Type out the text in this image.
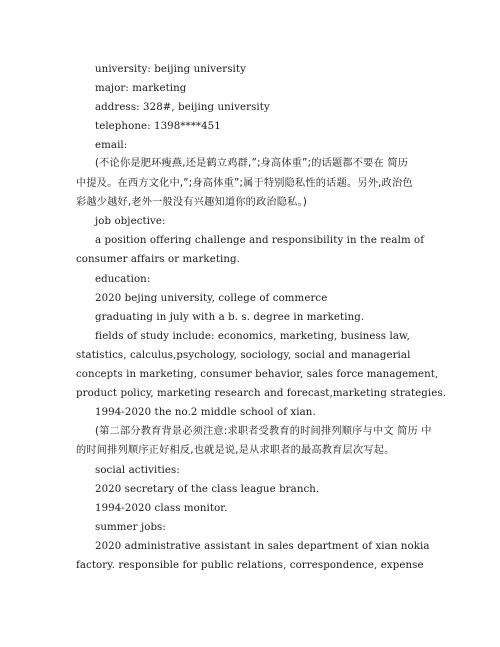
university: beijing university
major: marketing
address: 328#, beijing university
telephone: 1398****451
email:
(不论你是肥环瘦燕,还是鹤立鸡群,”;身高体重”;的话题都不要在 简历
中提及。在西方文化中,”;身高体重”;属于特别隐私性的话题。另外,政治色
彩越少越好,老外一般没有兴趣知道你的政治隐私。)
job objective:
a position offering challenge and responsibility in the realm of
consumer affairs or marketing.
education:
2020 bejing university, college of commerce
graduating in july with a b. s. degree in marketing.
fields of study include: economics, marketing, business law,
statistics, calculus,psychology, sociology, social and managerial
concepts in marketing, consumer behavior, sales force management,
product policy, marketing research and forecast,marketing strategies.
1994-2020 the no.2 middle school of xian.
(第二部分教育背景必须注意:求职者受教育的时间排列顺序与中文 简历 中
的时间排列顺序正好相反,也就是说,是从求职者的最高教育层次写起。
social activities:
2020 secretary of the class league branch.
1994-2020 class monitor.
summer jobs:
2020 administrative assistant in sales department of xian nokia
factory. responsible for public relations, correspondence, expense
